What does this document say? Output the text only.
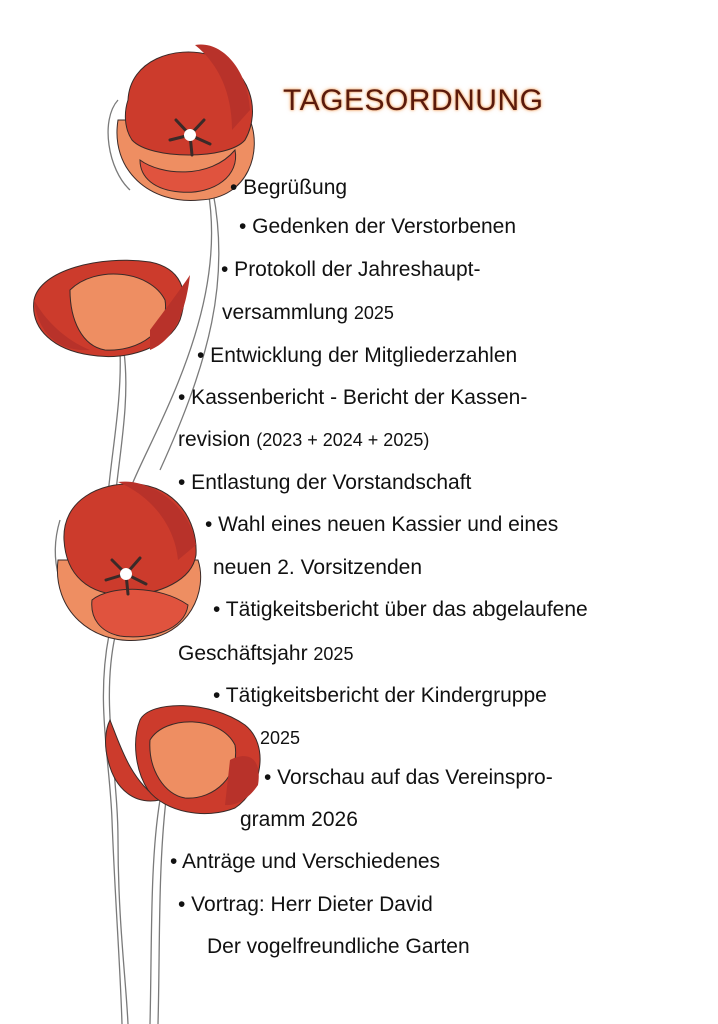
TAGESORDNUNG
• Begrüßung
• Gedenken der Verstorbenen
• Protokoll der Jahreshaupt-
versammlung 2025
• Entwicklung der Mitgliederzahlen
• Kassenbericht - Bericht der Kassen-
revision (2023 + 2024 + 2025)
• Entlastung der Vorstandschaft
• Wahl eines neuen Kassier und eines
neuen 2. Vorsitzenden
• Tätigkeitsbericht über das abgelaufene
Geschäftsjahr 2025
• Tätigkeitsbericht der Kindergruppe
2025
• Vorschau auf das Vereinspro-
gramm 2026
• Anträge und Verschiedenes
• Vortrag: Herr Dieter David
Der vogelfreundliche Garten
